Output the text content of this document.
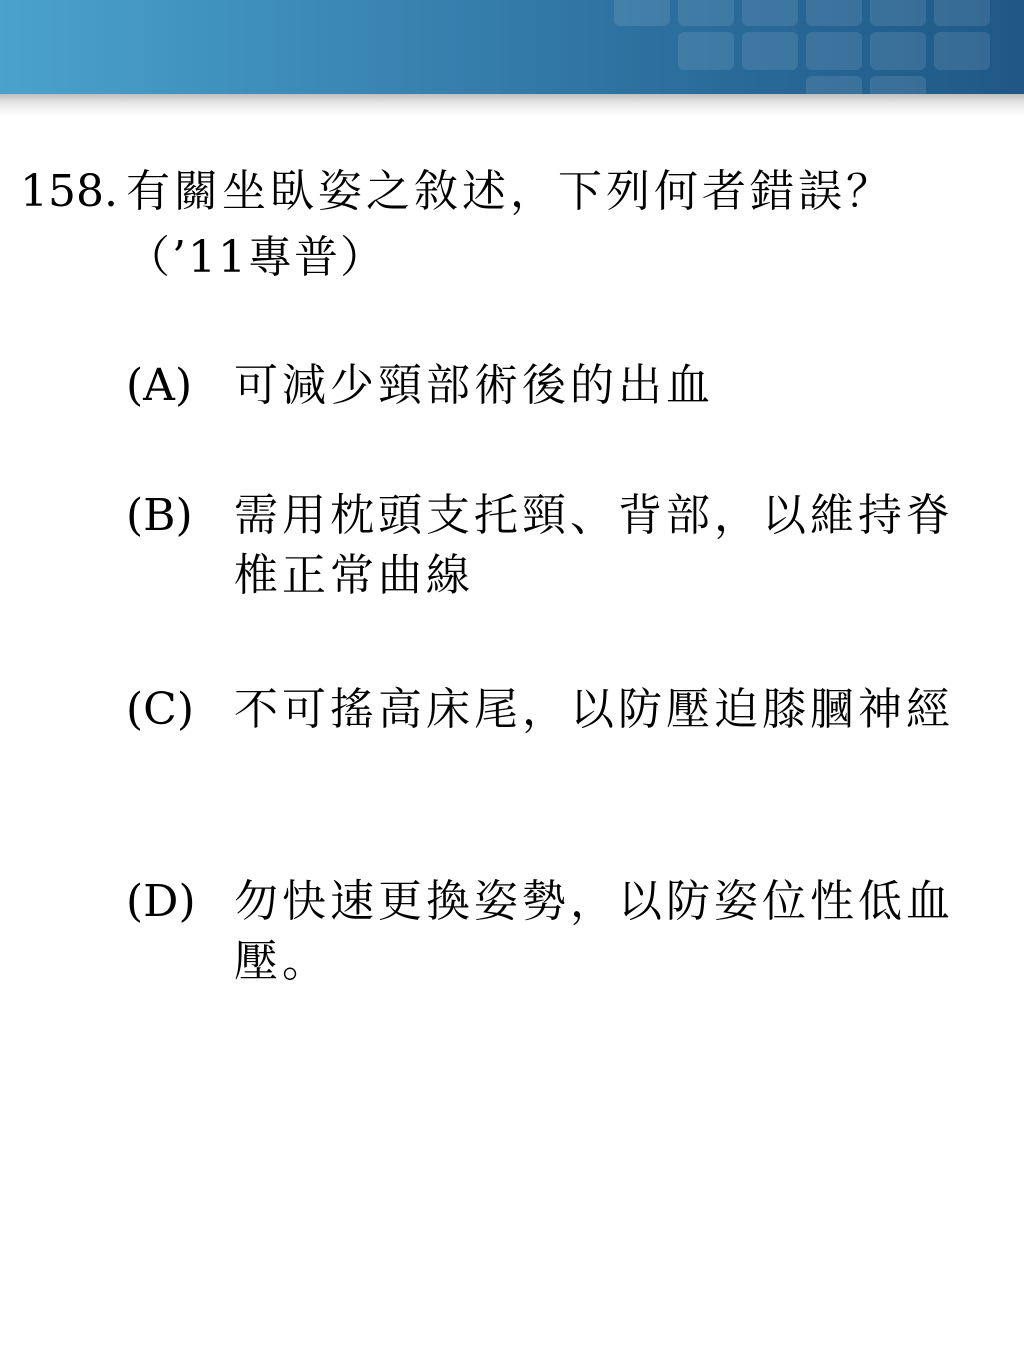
158. 有關坐臥姿之敘述，下列何者錯誤？
（’11專普）
(A) 可減少頸部術後的出血
(B) 需用枕頭支托頸、背部，以維持脊椎正常曲線
(C) 不可搖高床尾，以防壓迫膝膕神經
(D) 勿快速更換姿勢，以防姿位性低血壓。
